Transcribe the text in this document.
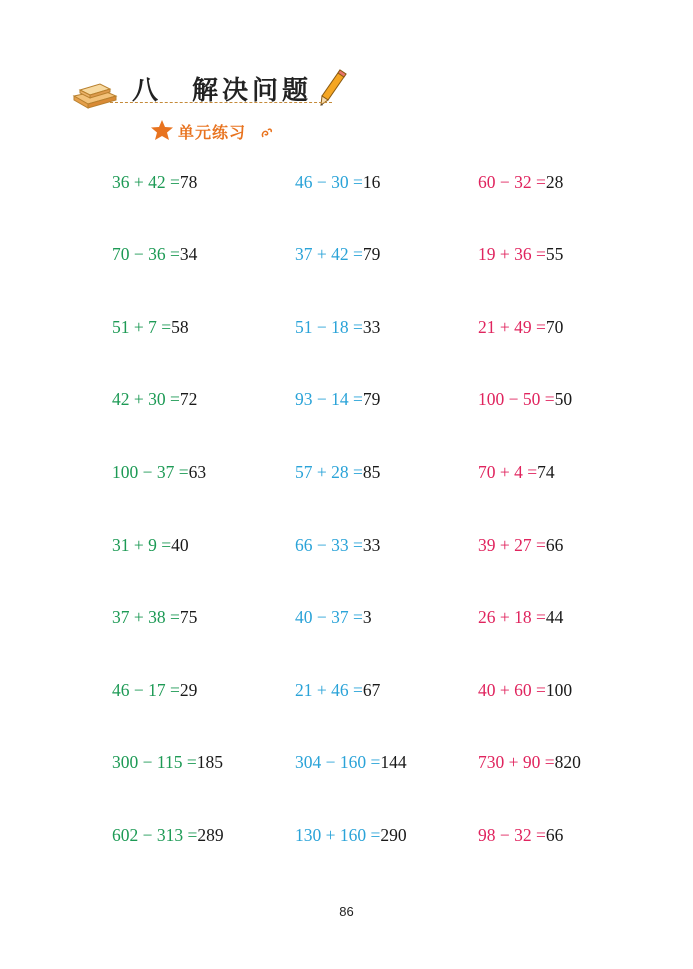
八 解决问题
单元练习
36 + 42 =78	46 − 30 =16	60 − 32 =28
70 − 36 =34	37 + 42 =79	19 + 36 =55
51 + 7 =58	51 − 18 =33	21 + 49 =70
42 + 30 =72	93 − 14 =79	100 − 50 =50
100 − 37 =63	57 + 28 =85	70 + 4 =74
31 + 9 =40	66 − 33 =33	39 + 27 =66
37 + 38 =75	40 − 37 =3	26 + 18 =44
46 − 17 =29	21 + 46 =67	40 + 60 =100
300 − 115 =185	304 − 160 =144	730 + 90 =820
602 − 313 =289	130 + 160 =290	98 − 32 =66
86
